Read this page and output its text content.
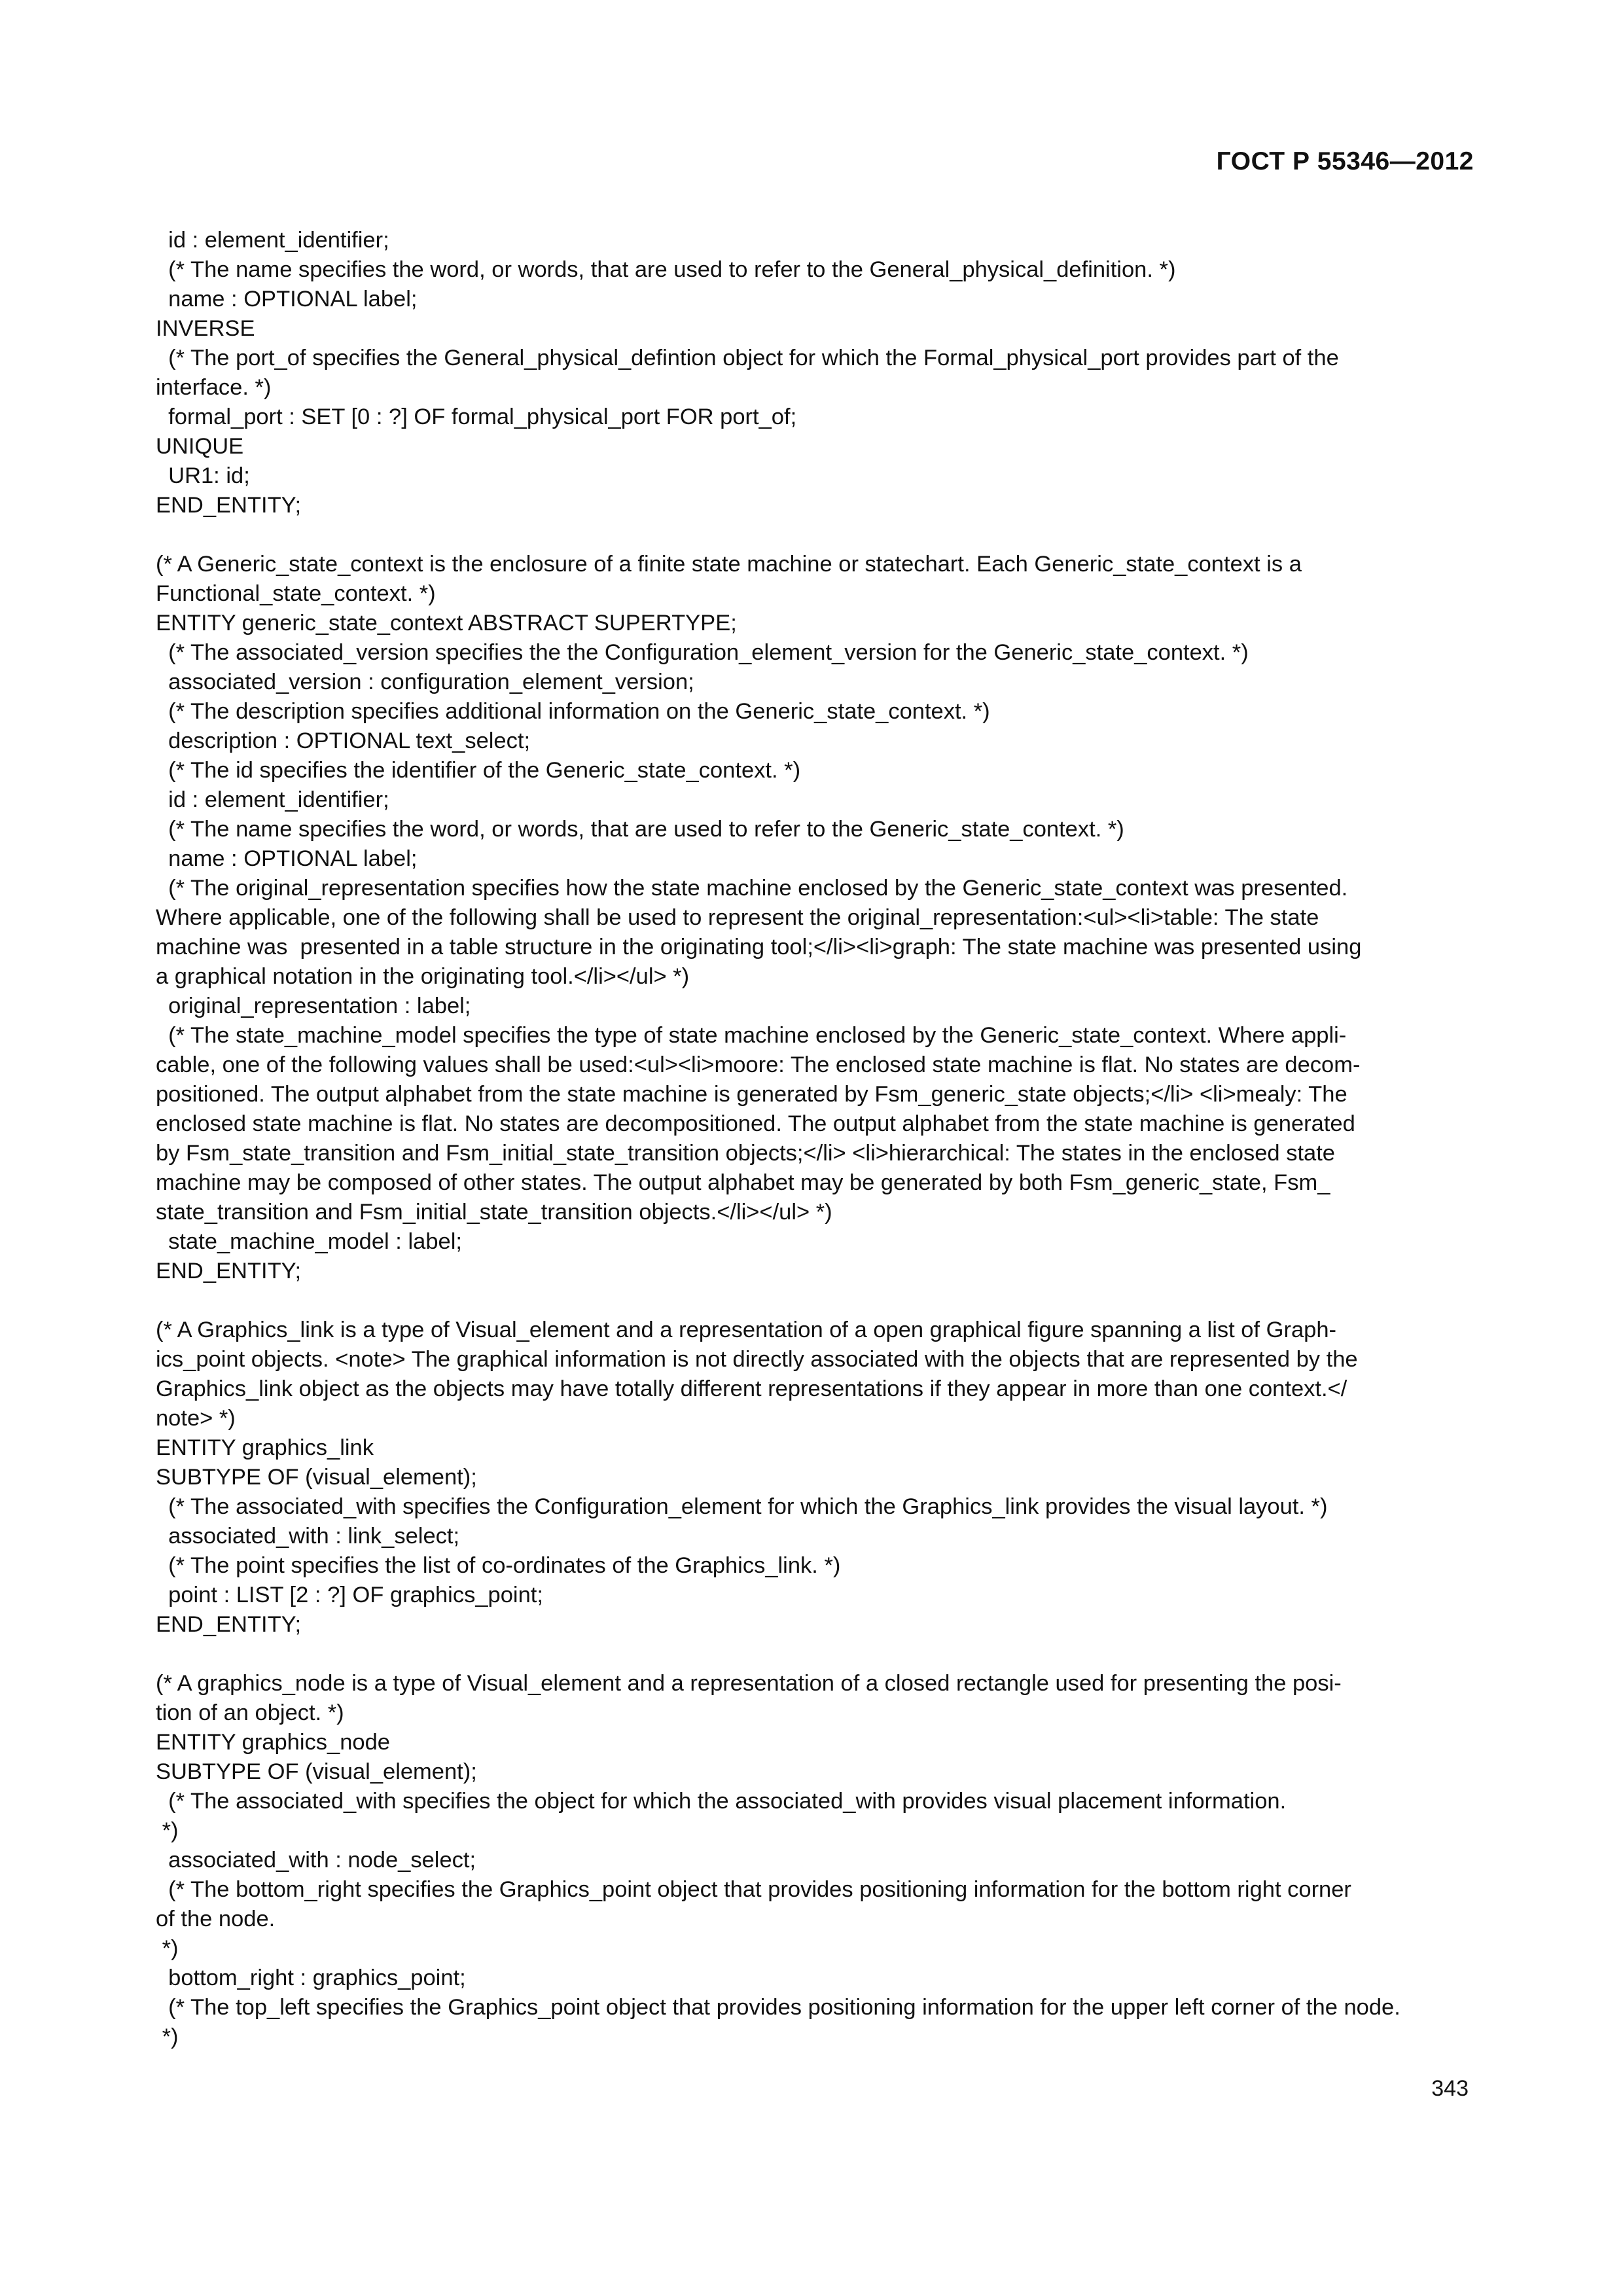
ГОСТ Р 55346—2012
id : element_identifier;
(* The name specifies the word, or words, that are used to refer to the General_physical_definition. *)
name : OPTIONAL label;
INVERSE
(* The port_of specifies the General_physical_defintion object for which the Formal_physical_port provides part of the
interface. *)
formal_port : SET [0 : ?] OF formal_physical_port FOR port_of;
UNIQUE
UR1: id;
END_ENTITY;
(* A Generic_state_context is the enclosure of a finite state machine or statechart. Each Generic_state_context is a
Functional_state_context. *)
ENTITY generic_state_context ABSTRACT SUPERTYPE;
(* The associated_version specifies the the Configuration_element_version for the Generic_state_context. *)
associated_version : configuration_element_version;
(* The description specifies additional information on the Generic_state_context. *)
description : OPTIONAL text_select;
(* The id specifies the identifier of the Generic_state_context. *)
id : element_identifier;
(* The name specifies the word, or words, that are used to refer to the Generic_state_context. *)
name : OPTIONAL label;
(* The original_representation specifies how the state machine enclosed by the Generic_state_context was presented.
Where applicable, one of the following shall be used to represent the original_representation:<ul><li>table: The state
machine was  presented in a table structure in the originating tool;</li><li>graph: The state machine was presented using
a graphical notation in the originating tool.</li></ul> *)
original_representation : label;
(* The state_machine_model specifies the type of state machine enclosed by the Generic_state_context. Where appli-
cable, one of the following values shall be used:<ul><li>moore: The enclosed state machine is flat. No states are decom-
positioned. The output alphabet from the state machine is generated by Fsm_generic_state objects;</li> <li>mealy: The
enclosed state machine is flat. No states are decompositioned. The output alphabet from the state machine is generated
by Fsm_state_transition and Fsm_initial_state_transition objects;</li> <li>hierarchical: The states in the enclosed state
machine may be composed of other states. The output alphabet may be generated by both Fsm_generic_state, Fsm_
state_transition and Fsm_initial_state_transition objects.</li></ul> *)
state_machine_model : label;
END_ENTITY;
(* A Graphics_link is a type of Visual_element and a representation of a open graphical figure spanning a list of Graph-
ics_point objects. <note> The graphical information is not directly associated with the objects that are represented by the
Graphics_link object as the objects may have totally different representations if they appear in more than one context.</
note> *)
ENTITY graphics_link
SUBTYPE OF (visual_element);
(* The associated_with specifies the Configuration_element for which the Graphics_link provides the visual layout. *)
associated_with : link_select;
(* The point specifies the list of co-ordinates of the Graphics_link. *)
point : LIST [2 : ?] OF graphics_point;
END_ENTITY;
(* A graphics_node is a type of Visual_element and a representation of a closed rectangle used for presenting the posi-
tion of an object. *)
ENTITY graphics_node
SUBTYPE OF (visual_element);
(* The associated_with specifies the object for which the associated_with provides visual placement information.
*)
associated_with : node_select;
(* The bottom_right specifies the Graphics_point object that provides positioning information for the bottom right corner
of the node.
*)
bottom_right : graphics_point;
(* The top_left specifies the Graphics_point object that provides positioning information for the upper left corner of the node.
*)
343
